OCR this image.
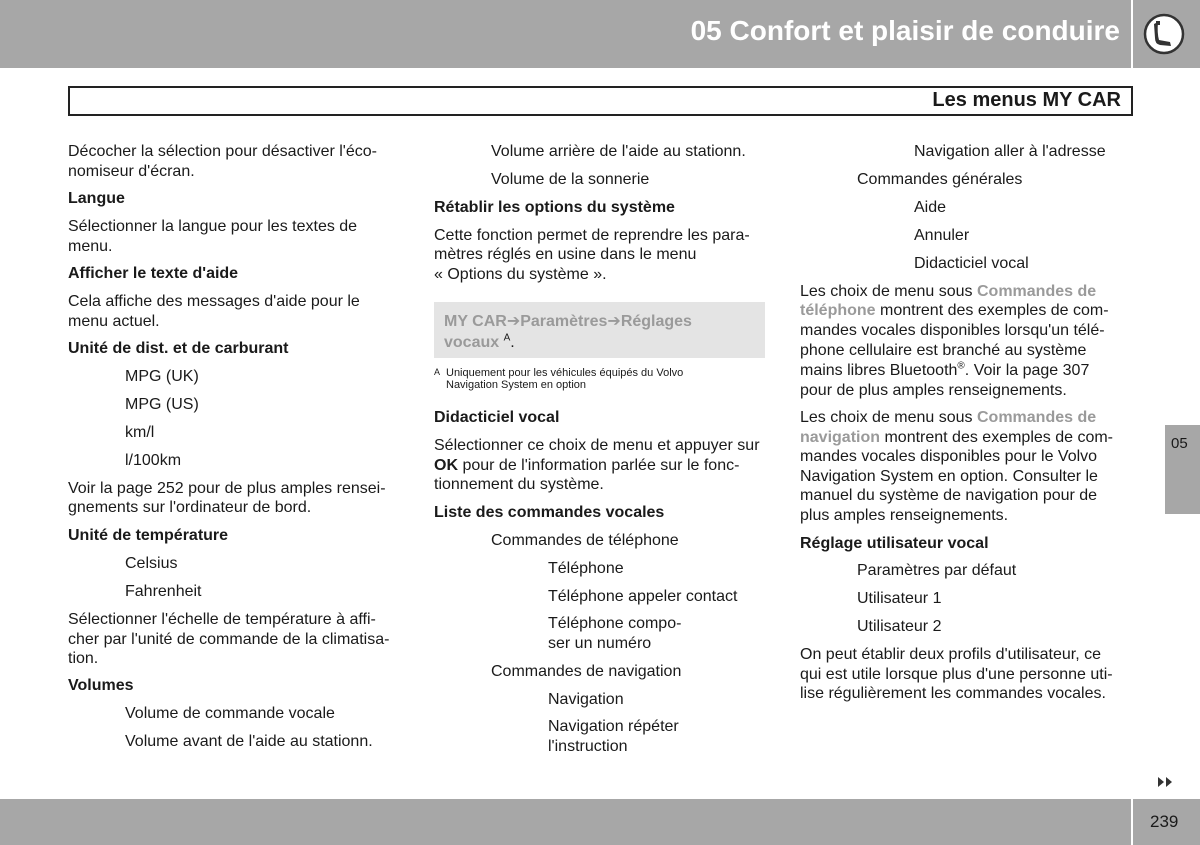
05 Confort et plaisir de conduire
Les menus MY CAR
Décocher la sélection pour désactiver l'éco-
nomiseur d'écran.
Langue
Sélectionner la langue pour les textes de
menu.
Afficher le texte d'aide
Cela affiche des messages d'aide pour le
menu actuel.
Unité de dist. et de carburant
MPG (UK)
MPG (US)
km/l
l/100km
Voir la page 252 pour de plus amples rensei-
gnements sur l'ordinateur de bord.
Unité de température
Celsius
Fahrenheit
Sélectionner l'échelle de température à affi-
cher par l'unité de commande de la climatisa-
tion.
Volumes
Volume de commande vocale
Volume avant de l'aide au stationn.
Volume arrière de l'aide au stationn.
Volume de la sonnerie
Rétablir les options du système
Cette fonction permet de reprendre les para-
mètres réglés en usine dans le menu
« Options du système ».
MY CAR➔Paramètres➔Réglages
vocaux $^A$.
A Uniquement pour les véhicules équipés du Volvo
Navigation System en option
Didacticiel vocal
Sélectionner ce choix de menu et appuyer sur
OK pour de l'information parlée sur le fonc-
tionnement du système.
Liste des commandes vocales
Commandes de téléphone
Téléphone
Téléphone appeler contact
Téléphone compo-
ser un numéro
Commandes de navigation
Navigation
Navigation répéter
l'instruction
Navigation aller à l'adresse
Commandes générales
Aide
Annuler
Didacticiel vocal
Les choix de menu sous Commandes de
téléphone montrent des exemples de com-
mandes vocales disponibles lorsqu'un télé-
phone cellulaire est branché au système
mains libres Bluetooth®. Voir la page 307
pour de plus amples renseignements.
Les choix de menu sous Commandes de
navigation montrent des exemples de com-
mandes vocales disponibles pour le Volvo
Navigation System en option. Consulter le
manuel du système de navigation pour de
plus amples renseignements.
Réglage utilisateur vocal
Paramètres par défaut
Utilisateur 1
Utilisateur 2
On peut établir deux profils d'utilisateur, ce
qui est utile lorsque plus d'une personne uti-
lise régulièrement les commandes vocales.
05
239
